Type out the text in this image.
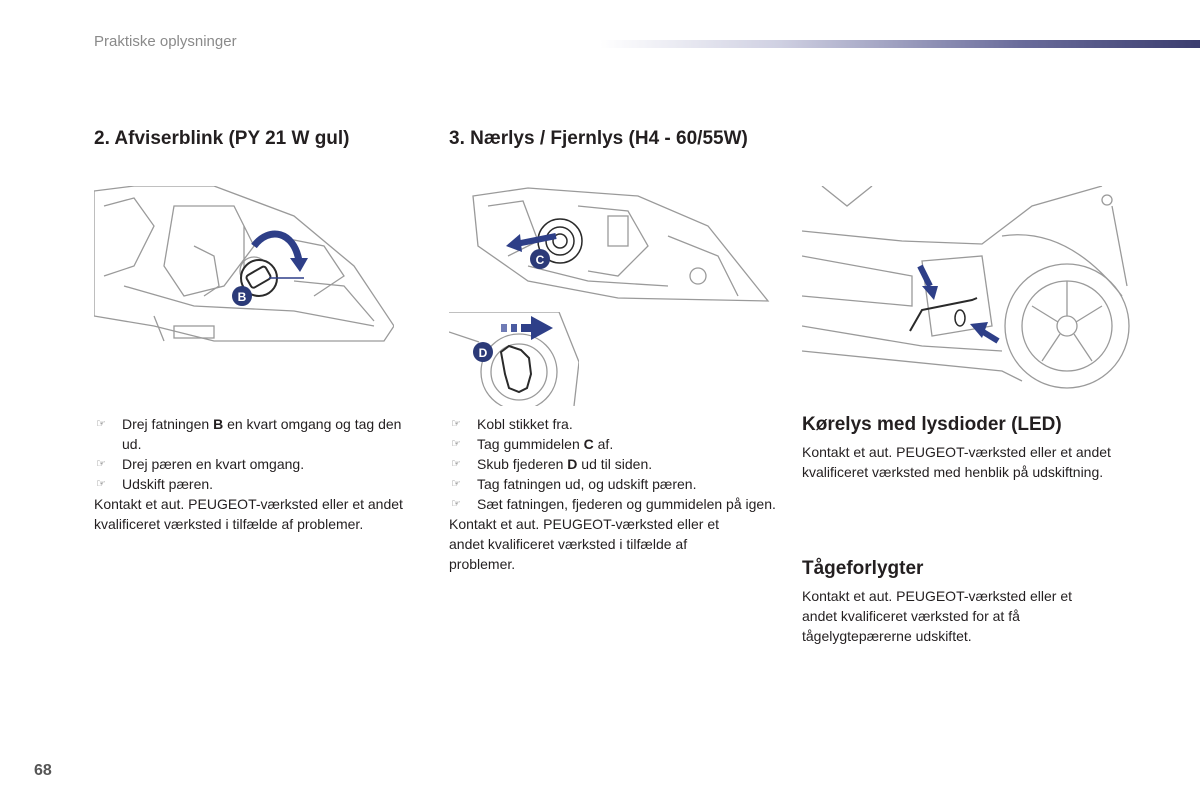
Praktiske oplysninger
2. Afviserblink (PY 21 W gul)	3. Nærlys / Fjernlys (H4 - 60/55W)
B
C
D
☞ Drej fatningen B en kvart omgang og tag den ud.
☞ Drej pæren en kvart omgang.
☞ Udskift pæren.
Kontakt et aut. PEUGEOT-værksted eller et andet kvalificeret værksted i tilfælde af problemer.
☞ Kobl stikket fra.
☞ Tag gummidelen C af.
☞ Skub fjederen D ud til siden.
☞ Tag fatningen ud, og udskift pæren.
☞ Sæt fatningen, fjederen og gummidelen på igen.
Kontakt et aut. PEUGEOT-værksted eller et andet kvalificeret værksted i tilfælde af problemer.
Kørelys med lysdioder (LED)
Kontakt et aut. PEUGEOT-værksted eller et andet kvalificeret værksted med henblik på udskiftning.
Tågeforlygter
Kontakt et aut. PEUGEOT-værksted eller et andet kvalificeret værksted for at få tågelygtepærerne udskiftet.
68
